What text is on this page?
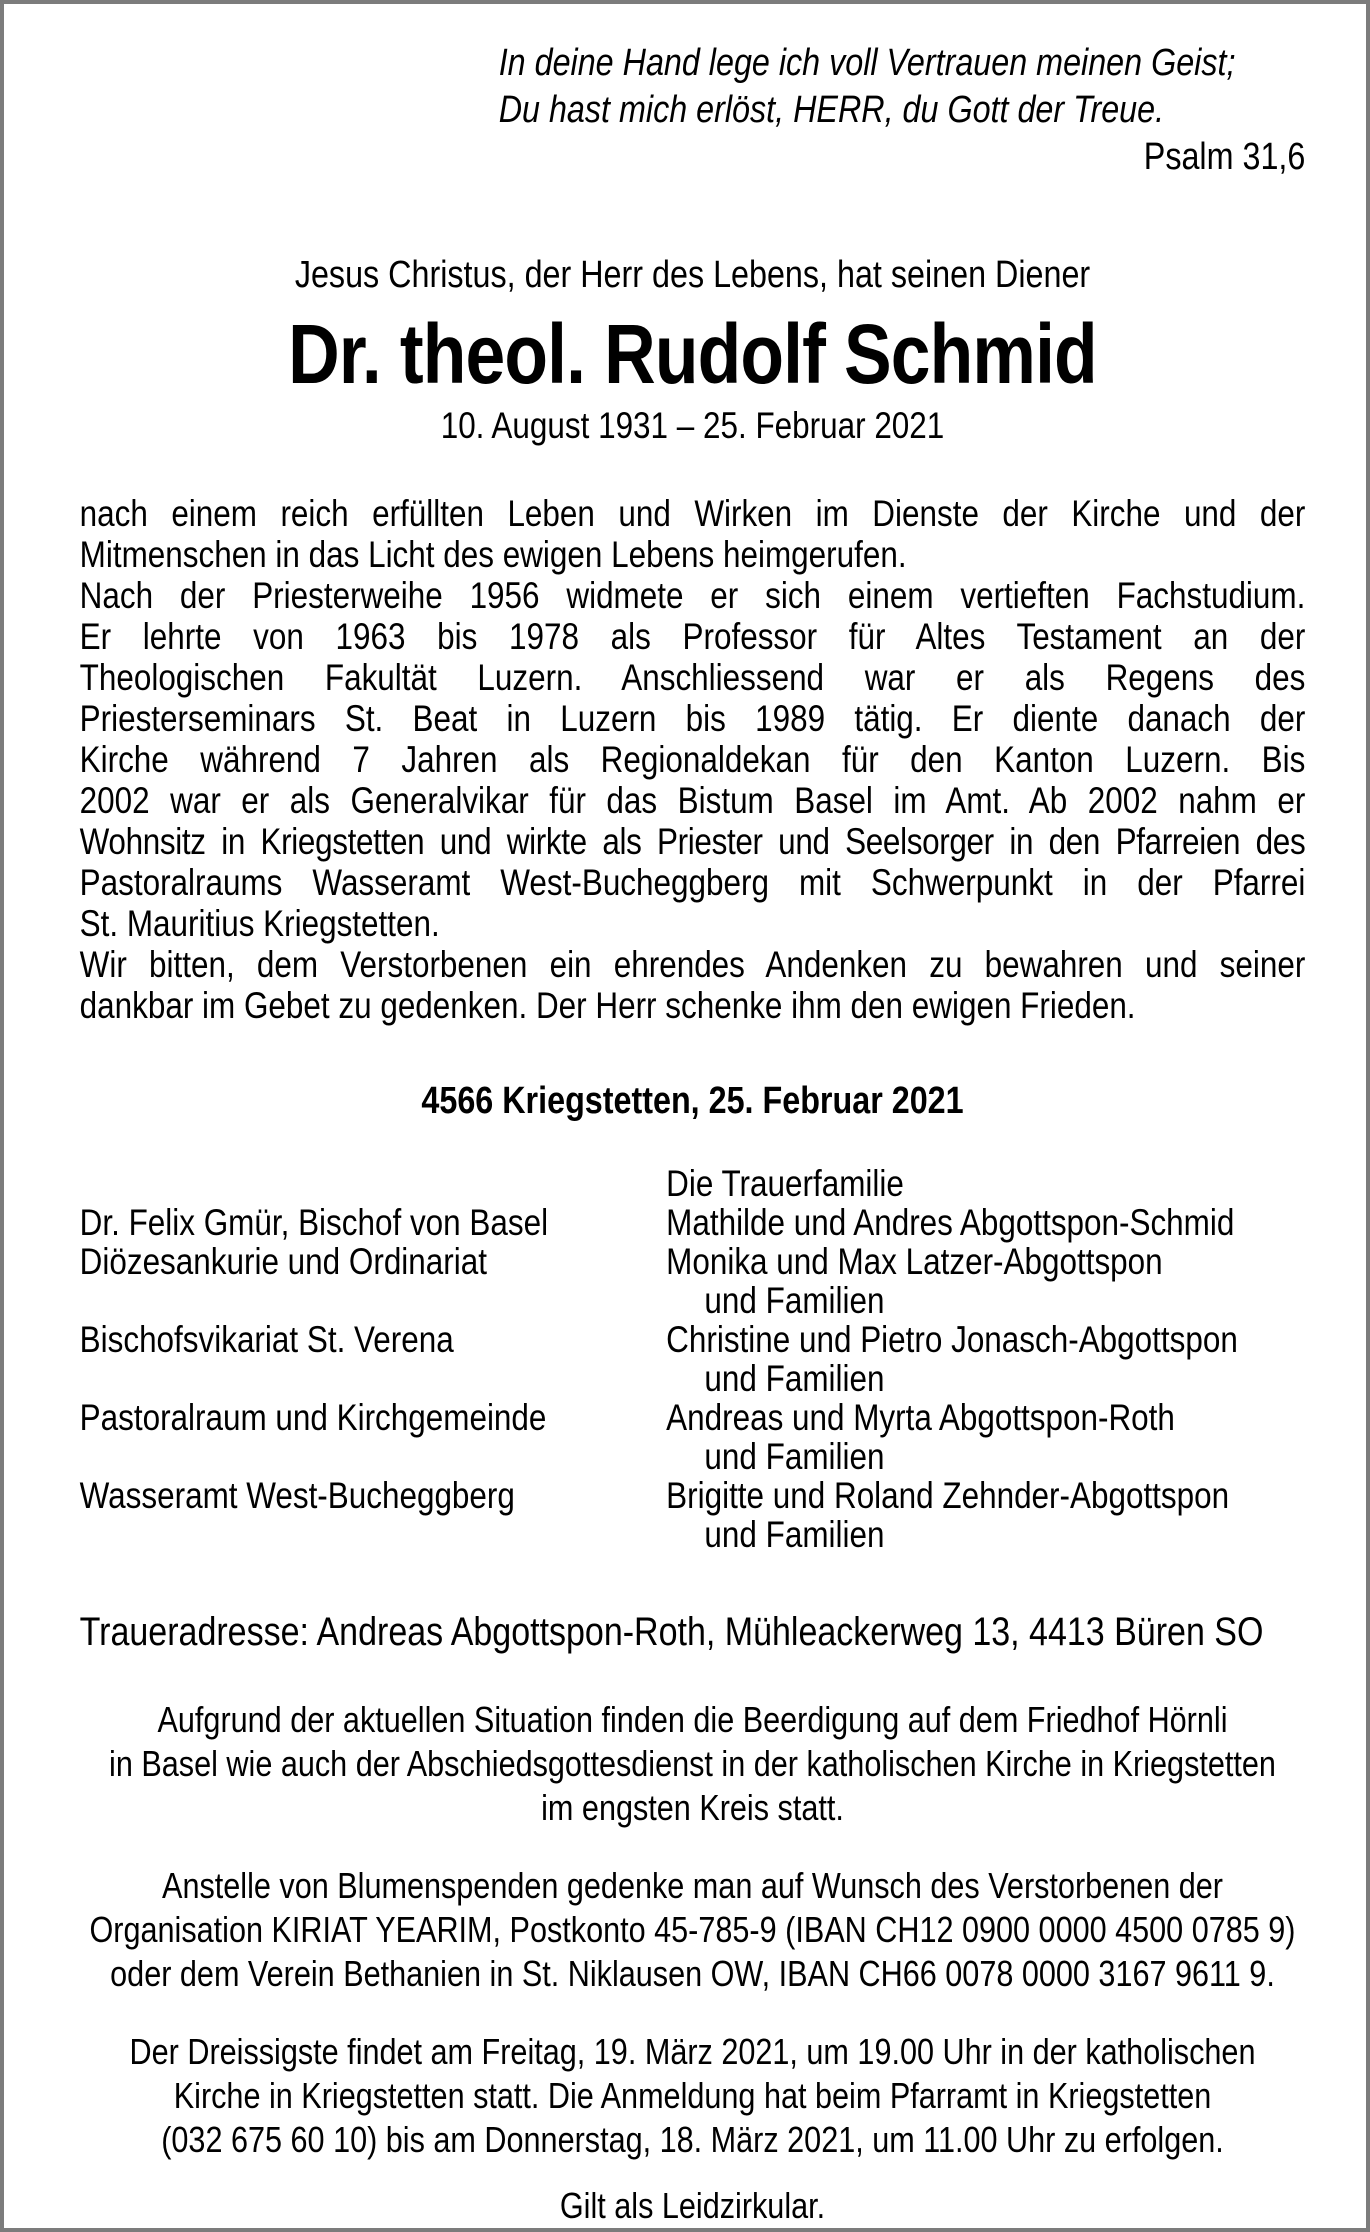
In deine Hand lege ich voll Vertrauen meinen Geist;
Du hast mich erlöst, HERR, du Gott der Treue.
Psalm 31,6
Jesus Christus, der Herr des Lebens, hat seinen Diener
Dr. theol. Rudolf Schmid
10. August 1931 – 25. Februar 2021
nach einem reich erfüllten Leben und Wirken im Dienste der Kirche und der
Mitmenschen in das Licht des ewigen Lebens heimgerufen.
Nach der Priesterweihe 1956 widmete er sich einem vertieften Fachstudium.
Er lehrte von 1963 bis 1978 als Professor für Altes Testament an der
Theologischen Fakultät Luzern. Anschliessend war er als Regens des
Priesterseminars St. Beat in Luzern bis 1989 tätig. Er diente danach der
Kirche während 7 Jahren als Regionaldekan für den Kanton Luzern. Bis
2002 war er als Generalvikar für das Bistum Basel im Amt. Ab 2002 nahm er
Wohnsitz in Kriegstetten und wirkte als Priester und Seelsorger in den Pfarreien des
Pastoralraums Wasseramt West-Bucheggberg mit Schwerpunkt in der Pfarrei
St. Mauritius Kriegstetten.
Wir bitten, dem Verstorbenen ein ehrendes Andenken zu bewahren und seiner
dankbar im Gebet zu gedenken. Der Herr schenke ihm den ewigen Frieden.
4566 Kriegstetten, 25. Februar 2021
Die Trauerfamilie
Dr. Felix Gmür, Bischof von Basel	Mathilde und Andres Abgottspon-Schmid
Diözesankurie und Ordinariat	Monika und Max Latzer-Abgottspon
und Familien
Bischofsvikariat St. Verena	Christine und Pietro Jonasch-Abgottspon
und Familien
Pastoralraum und Kirchgemeinde	Andreas und Myrta Abgottspon-Roth
und Familien
Wasseramt West-Bucheggberg	Brigitte und Roland Zehnder-Abgottspon
und Familien
Traueradresse: Andreas Abgottspon-Roth, Mühleackerweg 13, 4413 Büren SO
Aufgrund der aktuellen Situation finden die Beerdigung auf dem Friedhof Hörnli
in Basel wie auch der Abschiedsgottesdienst in der katholischen Kirche in Kriegstetten
im engsten Kreis statt.
Anstelle von Blumenspenden gedenke man auf Wunsch des Verstorbenen der
Organisation KIRIAT YEARIM, Postkonto 45-785-9 (IBAN CH12 0900 0000 4500 0785 9)
oder dem Verein Bethanien in St. Niklausen OW, IBAN CH66 0078 0000 3167 9611 9.
Der Dreissigste findet am Freitag, 19. März 2021, um 19.00 Uhr in der katholischen
Kirche in Kriegstetten statt. Die Anmeldung hat beim Pfarramt in Kriegstetten
(032 675 60 10) bis am Donnerstag, 18. März 2021, um 11.00 Uhr zu erfolgen.
Gilt als Leidzirkular.
